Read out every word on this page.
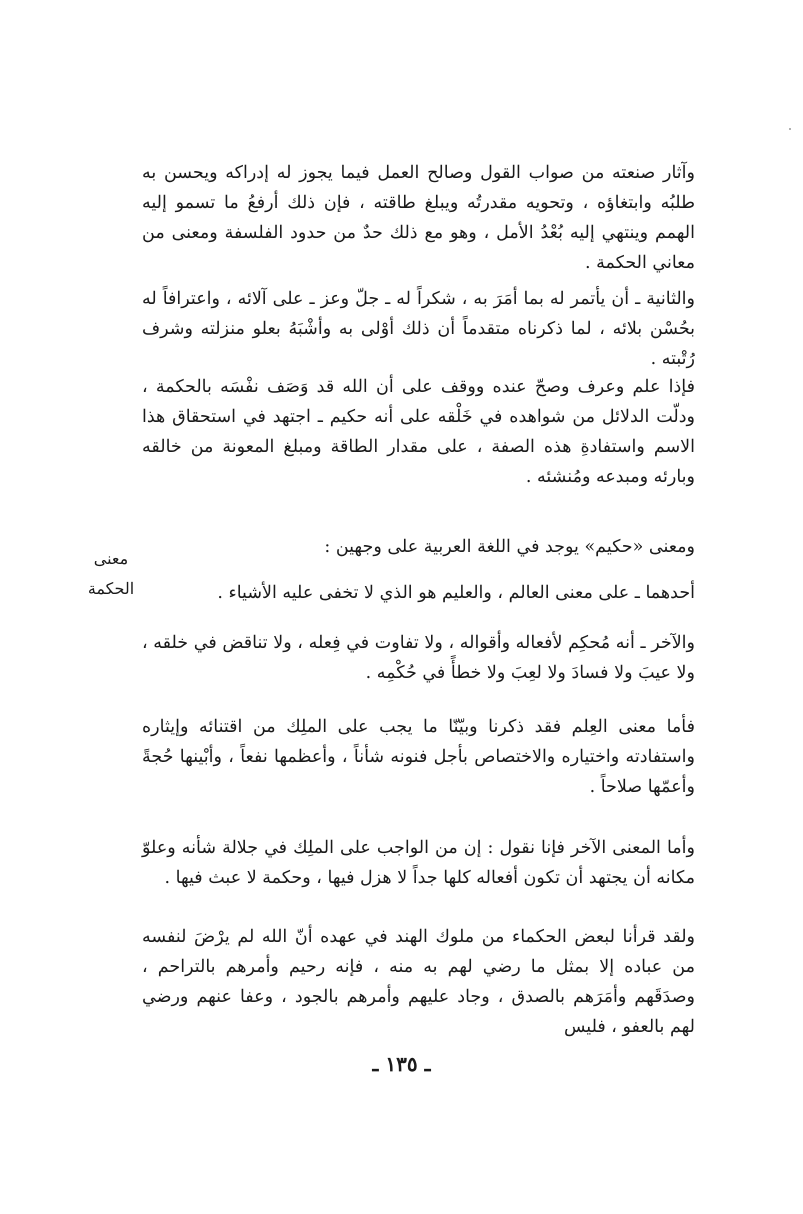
وآثار صنعته من صواب القول وصالح العمل فيما يجوز له إدراكه ويحسن به طلبُه وابتغاؤه ، وتحويه مقدرتُه ويبلغ طاقته ، فإن ذلك أرفعُ ما تسمو إليه الهمم وينتهي إليه بُعْدُ الأمل ، وهو مع ذلك حدٌ من حدود الفلسفة ومعنى من معاني الحكمة .

والثانية ـ أن يأتمر له بما أمَرَ به ، شكراً له ـ جلّ وعز ـ على آلائه ، واعترافاً له بحُسْن بلائه ، لما ذكرناه متقدماً أن ذلك أوْلى به وأشْبَهُ بعلو منزلته وشرف رُتْبته .

فإذا علم وعرف وصحّ عنده ووقف على أن الله قد وَصَف نفْسَه بالحكمة ، ودلّت الدلائل من شواهده في خَلْقه على أنه حكيم ـ اجتهد في استحقاق هذا الاسم واستفادةِ هذه الصفة ، على مقدار الطاقة ومبلغ المعونة من خالقه وبارئه ومبدعه ومُنشئه .

معنى
الحكمة

ومعنى «حكيم» يوجد في اللغة العربية على وجهين :

أحدهما ـ على معنى العالم ، والعليم هو الذي لا تخفى عليه الأشياء .

والآخر ـ أنه مُحكِم لأفعاله وأقواله ، ولا تفاوت في فِعله ، ولا تناقض في خلقه ، ولا عيبَ ولا فسادَ ولا لعِبَ ولا خطأً في حُكْمِه .

فأما معنى العِلم فقد ذكرنا وبيّنّا ما يجب على الملِك من اقتنائه وإيثاره واستفادته واختياره والاختصاص بأجل فنونه شأناً ، وأعظمها نفعاً ، وأبْينها حُجةً وأعمّها صلاحاً .

وأما المعنى الآخر فإنا نقول : إن من الواجب على الملِك في جلالة شأنه وعلوّ مكانه أن يجتهد أن تكون أفعاله كلها جداً لا هزل فيها ، وحكمة لا عبث فيها .

ولقد قرأنا لبعض الحكماء من ملوك الهند في عهده أنّ الله لم يرْضَ لنفسه من عباده إلا بمثل ما رضي لهم به منه ، فإنه رحيم وأمرهم بالتراحم ، وصدَقَهم وأمَرَهم بالصدق ، وجاد عليهم وأمرهم بالجود ، وعفا عنهم ورضي لهم بالعفو ، فليس

ـ ١٣٥ ـ
